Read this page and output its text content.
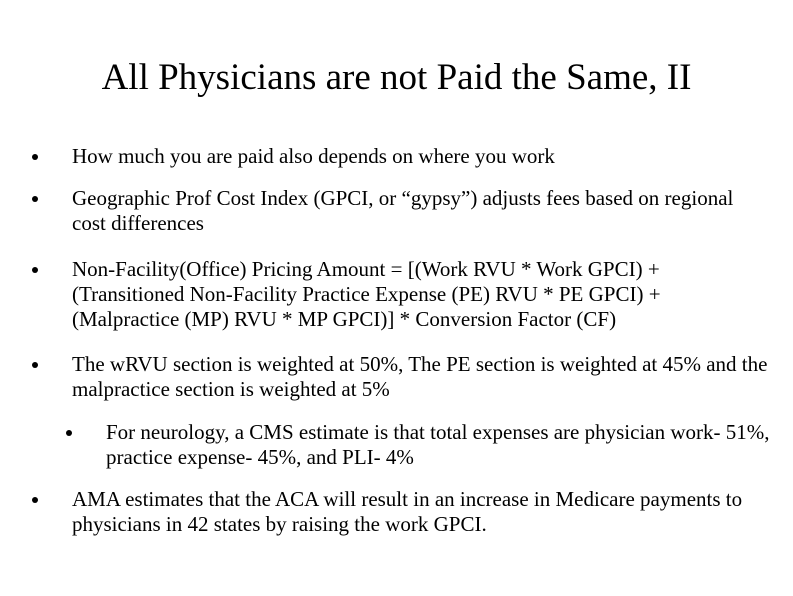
All Physicians are not Paid the Same, II
How much you are paid also depends on where you work
Geographic Prof Cost Index (GPCI, or “gypsy”) adjusts fees based on regional cost differences
Non-Facility(Office) Pricing Amount = [(Work RVU * Work GPCI) + (Transitioned Non-Facility Practice Expense (PE) RVU * PE GPCI) + (Malpractice (MP) RVU * MP GPCI)] * Conversion Factor (CF)
The wRVU section is weighted at 50%, The PE section is weighted at 45% and the malpractice section is weighted at 5%
For neurology, a CMS estimate is that total expenses are physician work- 51%, practice expense- 45%, and PLI- 4%
AMA estimates that the ACA will result in an increase in Medicare payments to physicians in 42 states by raising the work GPCI.
